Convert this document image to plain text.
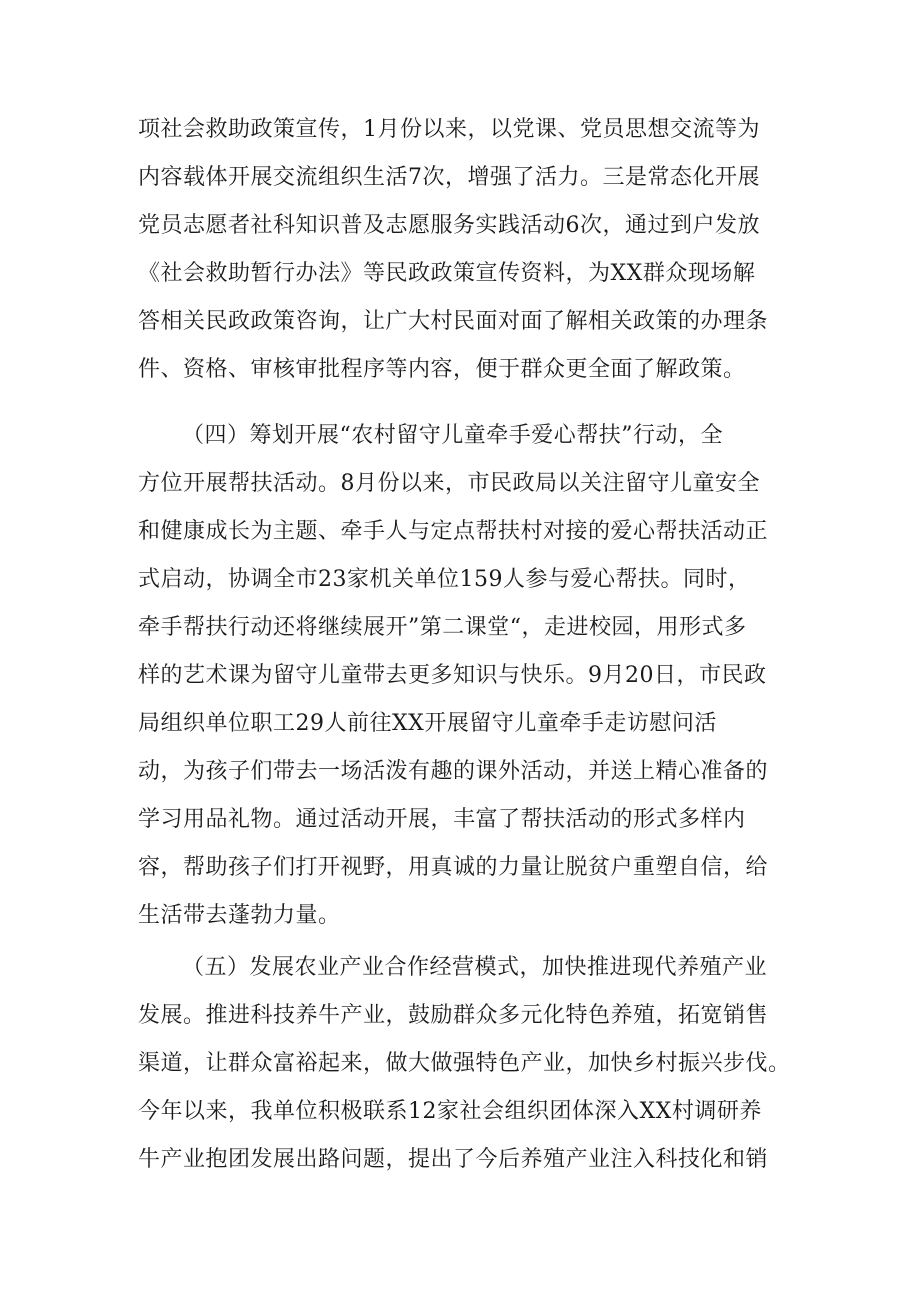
项社会救助政策宣传，1月份以来，以党课、党员思想交流等为
内容载体开展交流组织生活7次，增强了活力。三是常态化开展
党员志愿者社科知识普及志愿服务实践活动6次，通过到户发放
《社会救助暂行办法》等民政政策宣传资料，为XX群众现场解
答相关民政政策咨询，让广大村民面对面了解相关政策的办理条
件、资格、审核审批程序等内容，便于群众更全面了解政策。
（四）筹划开展“农村留守儿童牵手爱心帮扶”行动，全
方位开展帮扶活动。8月份以来，市民政局以关注留守儿童安全
和健康成长为主题、牵手人与定点帮扶村对接的爱心帮扶活动正
式启动，协调全市23家机关单位159人参与爱心帮扶。同时，
牵手帮扶行动还将继续展开”第二课堂“，走进校园，用形式多
样的艺术课为留守儿童带去更多知识与快乐。9月20日，市民政
局组织单位职工29人前往XX开展留守儿童牵手走访慰问活
动，为孩子们带去一场活泼有趣的课外活动，并送上精心准备的
学习用品礼物。通过活动开展，丰富了帮扶活动的形式多样内
容，帮助孩子们打开视野，用真诚的力量让脱贫户重塑自信，给
生活带去蓬勃力量。
（五）发展农业产业合作经营模式，加快推进现代养殖产业
发展。推进科技养牛产业，鼓励群众多元化特色养殖，拓宽销售
渠道，让群众富裕起来，做大做强特色产业，加快乡村振兴步伐。
今年以来，我单位积极联系12家社会组织团体深入XX村调研养
牛产业抱团发展出路问题，提出了今后养殖产业注入科技化和销
